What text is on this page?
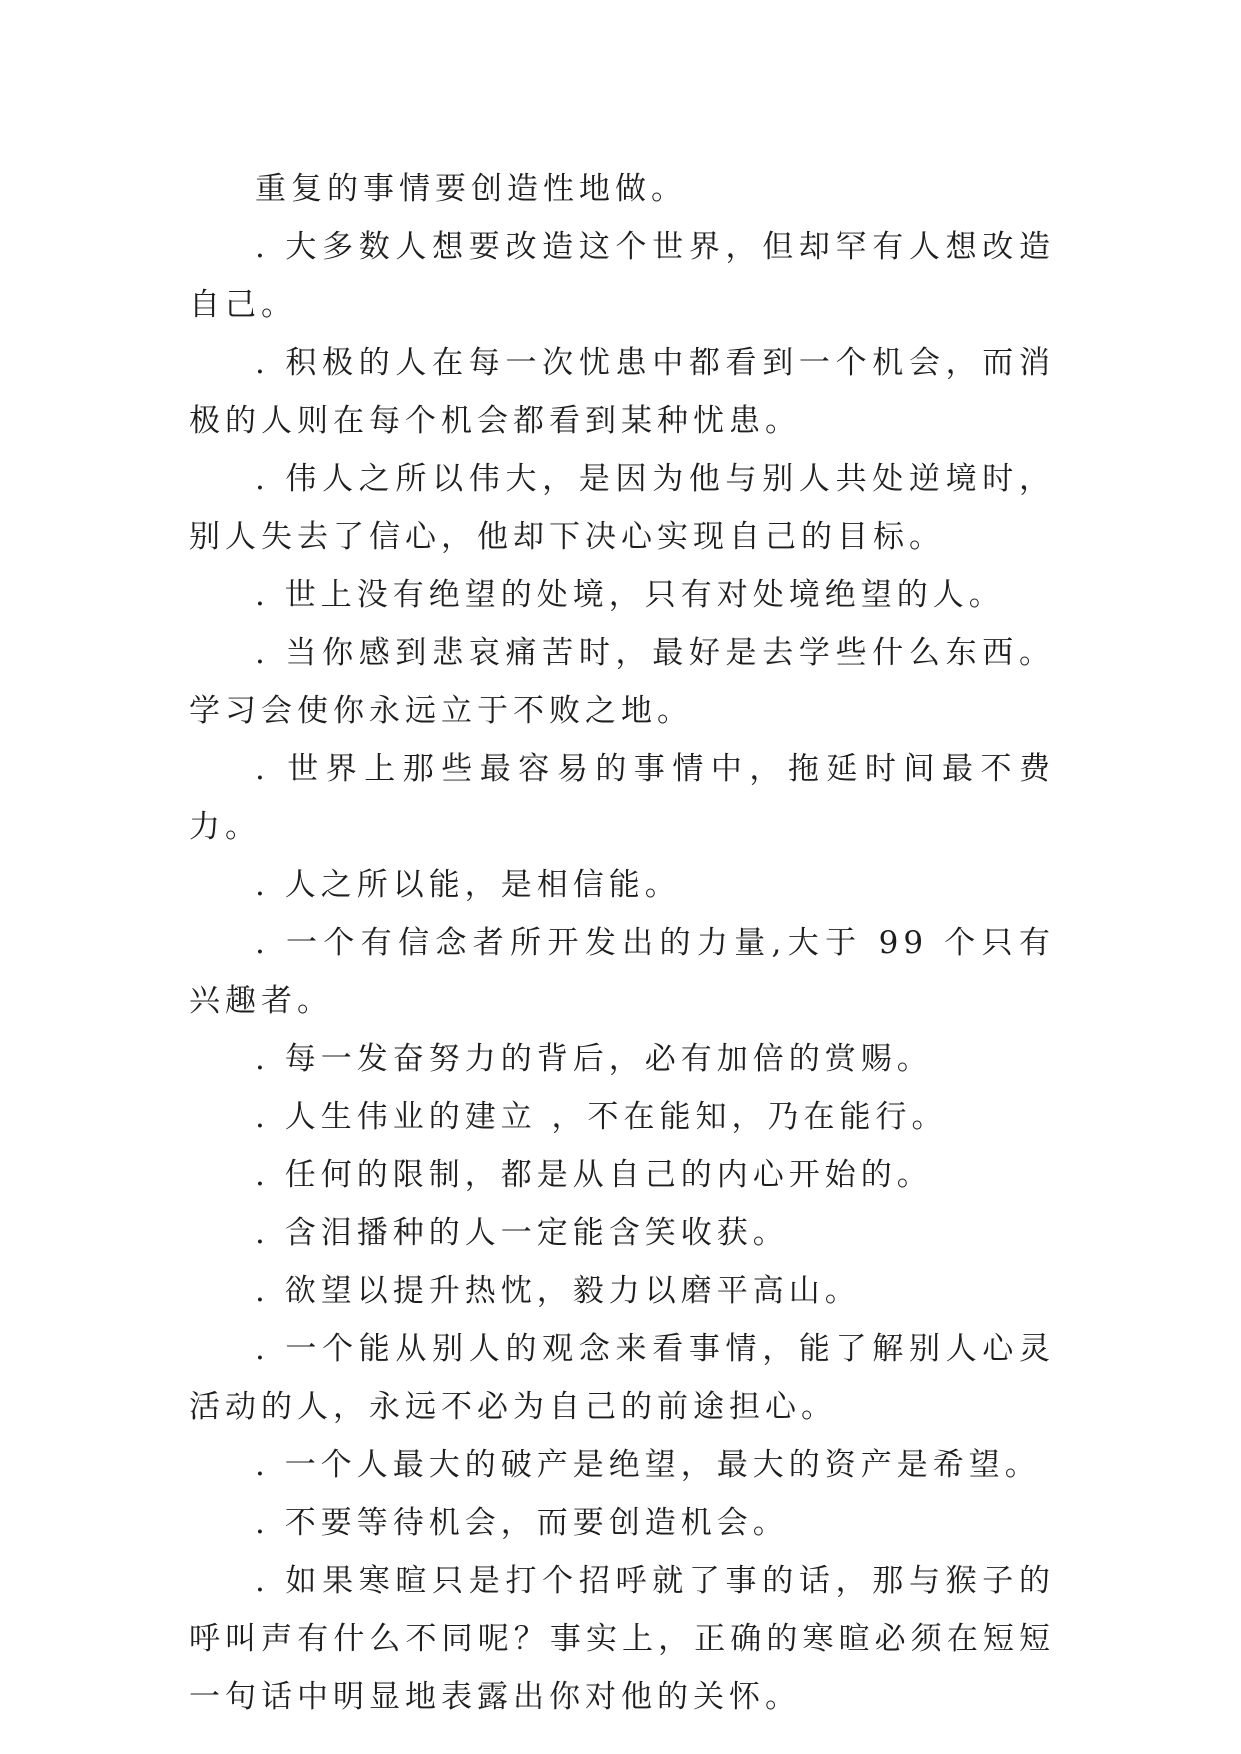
重复的事情要创造性地做。

. 大多数人想要改造这个世界，但却罕有人想改造自己。

. 积极的人在每一次忧患中都看到一个机会，而消极的人则在每个机会都看到某种忧患。

. 伟人之所以伟大，是因为他与别人共处逆境时，别人失去了信心，他却下决心实现自己的目标。

. 世上没有绝望的处境，只有对处境绝望的人。

. 当你感到悲哀痛苦时，最好是去学些什么东西。学习会使你永远立于不败之地。

. 世界上那些最容易的事情中，拖延时间最不费力。

. 人之所以能，是相信能。

. 一个有信念者所开发出的力量,大于 99 个只有兴趣者。

. 每一发奋努力的背后，必有加倍的赏赐。

. 人生伟业的建立 ，不在能知，乃在能行。

. 任何的限制，都是从自己的内心开始的。

. 含泪播种的人一定能含笑收获。

. 欲望以提升热忱，毅力以磨平高山。

. 一个能从别人的观念来看事情，能了解别人心灵活动的人，永远不必为自己的前途担心。

. 一个人最大的破产是绝望，最大的资产是希望。

. 不要等待机会，而要创造机会。

. 如果寒暄只是打个招呼就了事的话，那与猴子的呼叫声有什么不同呢？事实上，正确的寒暄必须在短短一句话中明显地表露出你对他的关怀。
